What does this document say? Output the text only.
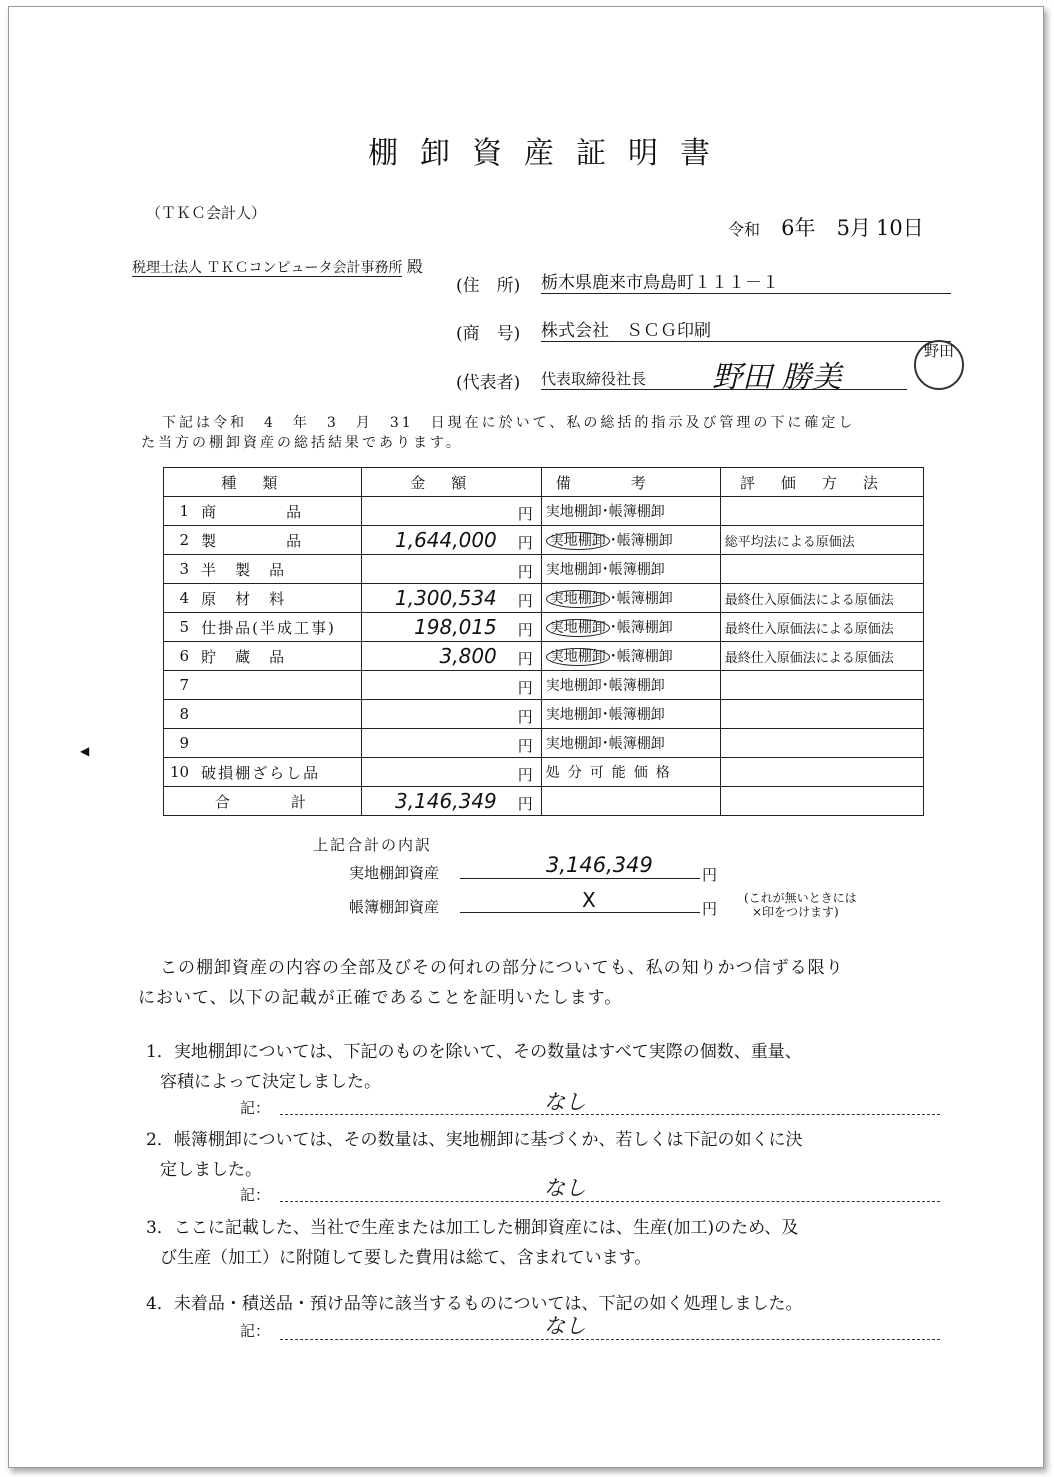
棚卸資産証明書
（ＴＫＣ会計人）
令和 6年 5月 10日
税理士法人 ＴＫＣコンピュータ会計事務所 殿
(住　所) 栃木県鹿来市鳥島町１１１－１
(商　号) 株式会社　ＳＣＧ印刷
(代表者) 代表取締役社長	野田 勝美
野田
下記は令和　4　年　3　月　31　日現在に於いて、私の総括的指示及び管理の下に確定し
た当方の棚卸資産の総括結果であります。
種類		金額	備考	評価方法
1	商　　　　品	円	実地棚卸･帳簿棚卸	
2	製　　　　品	1,644,000 円	実地棚卸 ･帳簿棚卸	総平均法による原価法
3	半　製　品	円	実地棚卸･帳簿棚卸	
4	原　材　料	1,300,534 円	実地棚卸 ･帳簿棚卸	最終仕入原価法による原価法
5	仕掛品(半成工事)	198,015 円	実地棚卸 ･帳簿棚卸	最終仕入原価法による原価法
6	貯　蔵　品	3,800 円	実地棚卸 ･帳簿棚卸	最終仕入原価法による原価法
7		円	実地棚卸･帳簿棚卸	
8		円	実地棚卸･帳簿棚卸	
9		円	実地棚卸･帳簿棚卸	
10	破損棚ざらし品	円	処分可能価格	
合　　　計		3,146,349 円		

◀
上記合計の内訳
実地棚卸資産	3,146,349	円
帳簿棚卸資産	X	円
(これが無いときには
×印をつけます)
この棚卸資産の内容の全部及びその何れの部分についても、私の知りかつ信ずる限り
において、以下の記載が正確であることを証明いたします。
1．実地棚卸については、下記のものを除いて、その数量はすべて実際の個数、重量、
容積によって決定しました。
記：	なし
2．帳簿棚卸については、その数量は、実地棚卸に基づくか、若しくは下記の如くに決
定しました。
記：	なし
3．ここに記載した、当社で生産または加工した棚卸資産には、生産(加工)のため、及
び生産（加工）に附随して要した費用は総て、含まれています。
4．未着品・積送品・預け品等に該当するものについては、下記の如く処理しました。
記：	なし
